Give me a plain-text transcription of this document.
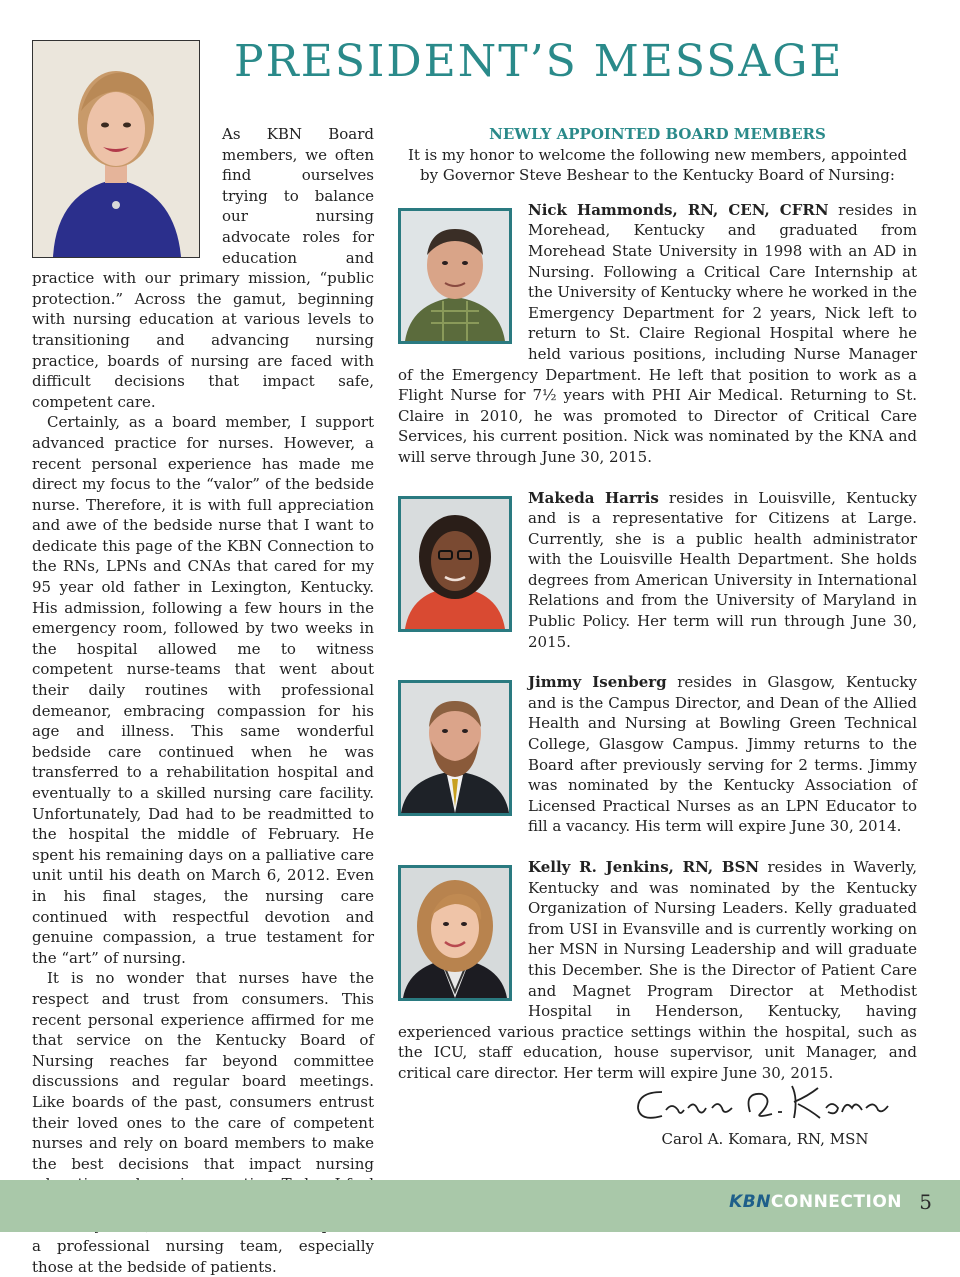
PRESIDENT’S MESSAGE

As KBN Board members, we often find ourselves trying to balance our nursing advocate roles for education and practice with our primary mission, “public protection.” Across the gamut, beginning with nursing education at various levels to transitioning and advancing nursing practice, boards of nursing are faced with difficult decisions that impact safe, competent care.

Certainly, as a board member, I support advanced practice for nurses. However, a recent personal experience has made me direct my focus to the “valor” of the bedside nurse. Therefore, it is with full appreciation and awe of the bedside nurse that I want to dedicate this page of the KBN Connection to the RNs, LPNs and CNAs that cared for my 95 year old father in Lexington, Kentucky. His admission, following a few hours in the emergency room, followed by two weeks in the hospital allowed me to witness competent nurse-teams that went about their daily routines with professional demeanor, embracing compassion for his age and illness. This same wonderful bedside care continued when he was transferred to a rehabilitation hospital and eventually to a skilled nursing care facility. Unfortunately, Dad had to be readmitted to the hospital the middle of February. He spent his remaining days on a palliative care unit until his death on March 6, 2012. Even in his final stages, the nursing care continued with respectful devotion and genuine compassion, a true testament for the “art” of nursing.

It is no wonder that nurses have the respect and trust from consumers. This recent personal experience affirmed for me that service on the Kentucky Board of Nursing reaches far beyond committee discussions and regular board meetings. Like boards of the past, consumers entrust their loved ones to the care of competent nurses and rely on board members to make the best decisions that impact nursing a professional nursing team, especially those at the bedside of patients.

NEWLY APPOINTED BOARD MEMBERS

It is my honor to welcome the following new members, appointed by Governor Steve Beshear to the Kentucky Board of Nursing:

Nick Hammonds, RN, CEN, CFRN resides in Morehead, Kentucky and graduated from Morehead State University in 1998 with an AD in Nursing. Following a Critical Care Internship at the University of Kentucky where he worked in the Emergency Department for 2 years, Nick left to return to St. Claire Regional Hospital where he held various positions, including Nurse Manager of the Emergency Department. He left that position to work as a Flight Nurse for 7½ years with PHI Air Medical. Returning to St. Claire in 2010, he was promoted to Director of Critical Care Services, his current position. Nick was nominated by the KNA and will serve through June 30, 2015.
Makeda Harris resides in Louisville, Kentucky and is a representative for Citizens at Large. Currently, she is a public health administrator with the Louisville Health Department. She holds degrees from American University in International Relations and from the University of Maryland in Public Policy. Her term will run through June 30, 2015.
Jimmy Isenberg resides in Glasgow, Kentucky and is the Campus Director, and Dean of the Allied Health and Nursing at Bowling Green Technical College, Glasgow Campus. Jimmy returns to the Board after previously serving for 2 terms. Jimmy was nominated by the Kentucky Association of Licensed Practical Nurses as an LPN Educator to fill a vacancy. His term will expire June 30, 2014.
Kelly R. Jenkins, RN, BSN resides in Waverly, Kentucky and was nominated by the Kentucky Organization of Nursing Leaders. Kelly graduated from USI in Evansville and is currently working on her MSN in Nursing Leadership and will graduate this December. She is the Director of Patient Care and Magnet Program Director at Methodist Hospital in Henderson, Kentucky, having experienced various practice settings within the hospital, such as the ICU, staff education, house supervisor, unit Manager, and critical care director. Her term will expire June 30, 2015.
Carol A. Komara, RN, MSN
KBNCONNECTION 5
